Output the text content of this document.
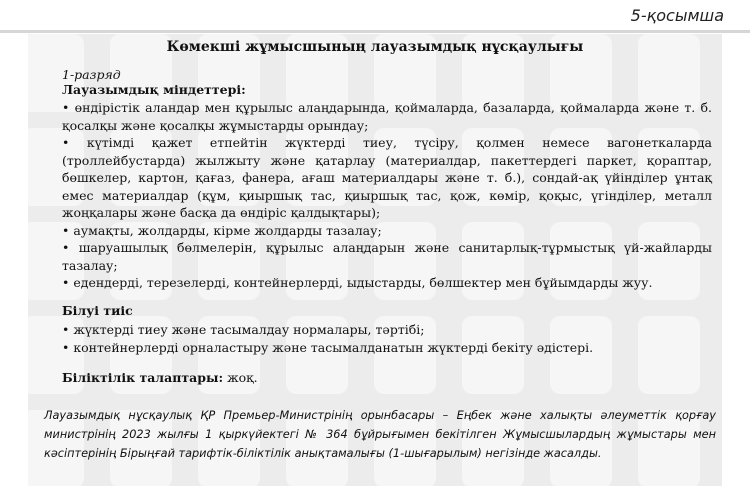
5-қосымша
Көмекші жұмысшының лауазымдық нұсқаулығы
1-разряд
Лауазымдық міндеттері:

• өндірістік аландар мен құрылыс алаңдарында, қоймаларда, базаларда, қоймаларда және т. б. қосалқы және қосалқы жұмыстарды орындау;

• күтімді қажет етпейтін жүктерді тиеу, түсіру, қолмен немесе вагонеткаларда (троллейбустарда) жылжыту және қатарлау (материалдар, пакеттердегі паркет, қораптар, бөшкелер, картон, қағаз, фанера, ағаш материалдары және т. б.), сондай-ақ үйінділер ұнтақ емес материалдар (құм, қиыршық тас, қиыршық тас, қож, көмір, қоқыс, үгінділер, металл жоңқалары және басқа да өндіріс қалдықтары);

• аумақты, жолдарды, кірме жолдарды тазалау;

• шаруашылық бөлмелерін, құрылыс алаңдарын және санитарлық-тұрмыстық үй-жайларды тазалау;

• едендерді, терезелерді, контейнерлерді, ыдыстарды, бөлшектер мен бұйымдарды жуу.

Білуі тиіс

• жүктерді тиеу және тасымалдау нормалары, тәртібі;

• контейнерлерді орналастыру және тасымалданатын жүктерді бекіту әдістері.

Біліктілік талаптары: жоқ.
Лауазымдық нұсқаулық ҚР Премьер-Министрінің орынбасары – Еңбек және халықты әлеуметтік қорғау министрінің 2023 жылғы 1 қыркүйектегі № 364 бұйрығымен бекітілген Жұмысшылардың жұмыстары мен кәсіптерінің Бірыңғай тарифтік-біліктілік анықтамалығы (1-шығарылым) негізінде жасалды.
